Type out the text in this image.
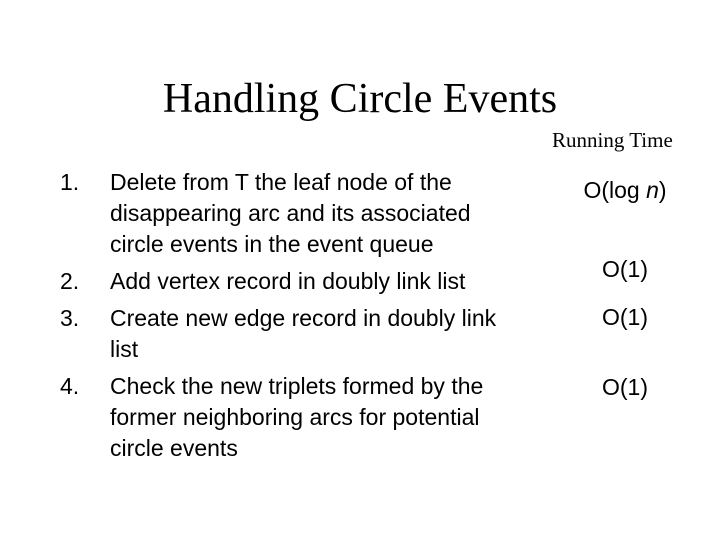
Handling Circle Events
Running Time
1. Delete from T the leaf node of the disappearing arc and its associated circle events in the event queue
2. Add vertex record in doubly link list
3. Create new edge record in doubly link list
4. Check the new triplets formed by the former neighboring arcs for potential circle events
O(log n)
O(1)
O(1)
O(1)
